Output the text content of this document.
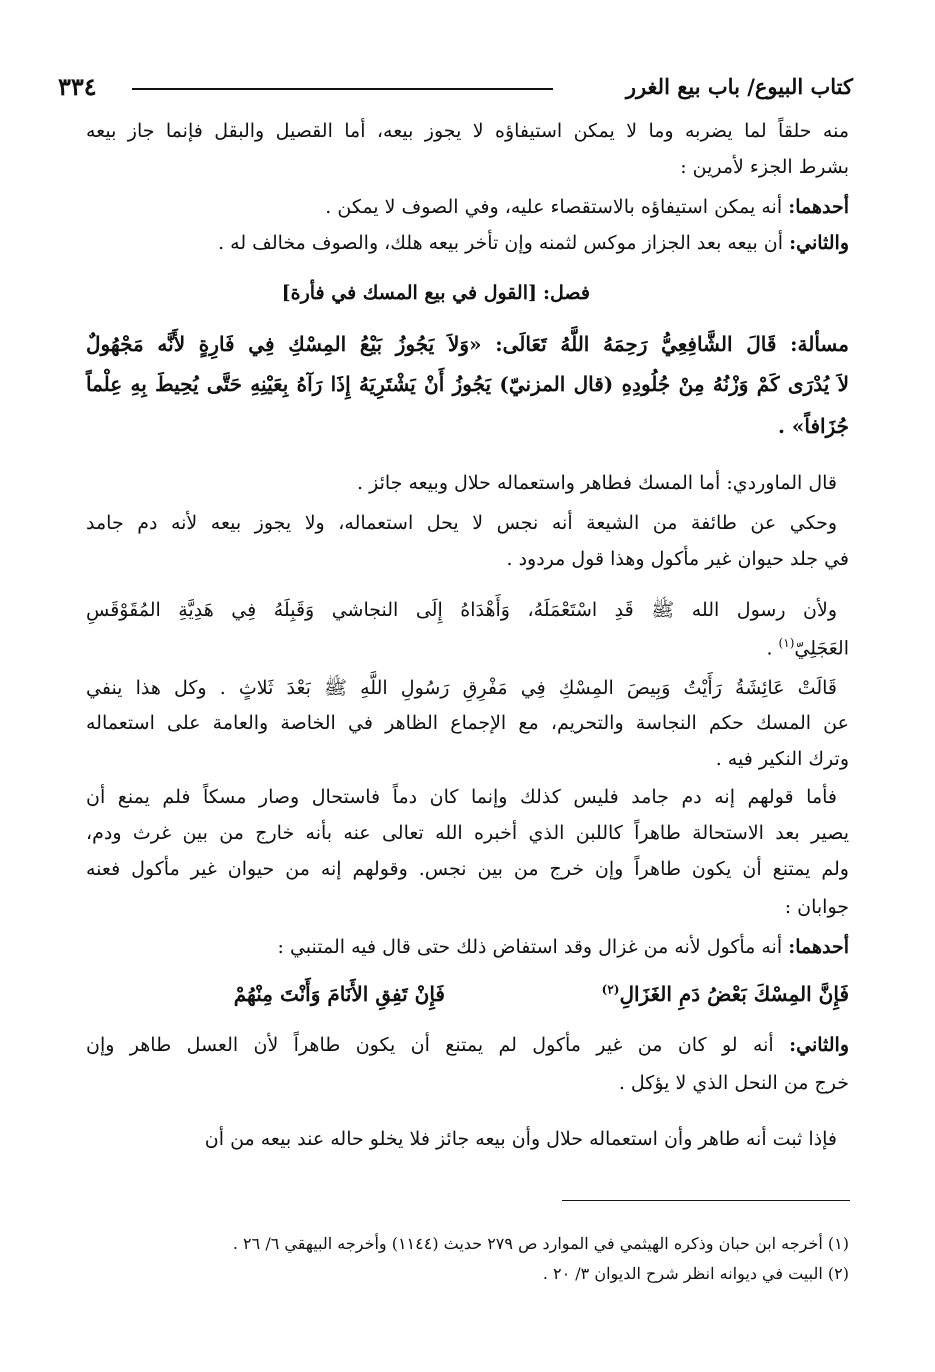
٣٣٤	كتاب البيوع/ باب بيع الغرر
منه حلقاً لما يضربه وما لا يمكن استيفاؤه لا يجوز بيعه، أما القصيل والبقل فإنما جاز بيعه
بشرط الجزء لأمرين :
أحدهما: أنه يمكن استيفاؤه بالاستقصاء عليه، وفي الصوف لا يمكن .
والثاني: أن بيعه بعد الجزاز موكس لثمنه وإن تأخر بيعه هلك، والصوف مخالف له .
فصل: [القول في بيع المسك في فأرة]
مسألة: قَالَ الشَّافِعِيُّ رَحِمَهُ اللَّهُ تَعَالَى: «وَلاَ يَجُوزُ بَيْعُ المِسْكِ فِي فَارِةٍ لأَنَّه مَجْهُولٌ
لاَ يُدْرَى كَمْ وَزْنُهُ مِنْ جُلُودِهِ (قال المزنيّ) يَجُوزُ أَنْ يَشْتَرِيَهُ إِذَا رَآهُ بِعَيْنِهِ حَتَّى يُحِيطَ بِهِ عِلْماً
جُزَافاً» .
قال الماوردي: أما المسك فطاهر واستعماله حلال وبيعه جائز .
وحكي عن طائفة من الشيعة أنه نجس لا يحل استعماله، ولا يجوز بيعه لأنه دم جامد
في جلد حيوان غير مأكول وهذا قول مردود .
ولأن رسول الله ﷺ قَدِ اسْتَعْمَلَهُ، وَأَهْدَاهُ إِلَى النجاشي وَقَبِلَهُ فِي هَدِيَّةِ المُقَوْقَسِ
العَجَلِيّ$^{(١)}$ .
قَالَتْ عَائِشَةُ رَأَيْتُ وَبِيصَ المِسْكِ فِي مَفْرِقِ رَسُولِ اللَّهِ ﷺ بَعْدَ ثَلاثٍ . وكل هذا ينفي
عن المسك حكم النجاسة والتحريم، مع الإجماع الظاهر في الخاصة والعامة على استعماله
وترك النكير فيه .
فأما قولهم إنه دم جامد فليس كذلك وإنما كان دماً فاستحال وصار مسكاً فلم يمنع أن
يصير بعد الاستحالة طاهراً كاللبن الذي أخبره الله تعالى عنه بأنه خارج من بين غرث ودم،
ولم يمتنع أن يكون طاهراً وإن خرج من بين نجس. وقولهم إنه من حيوان غير مأكول فعنه
جوابان :
أحدهما: أنه مأكول لأنه من غزال وقد استفاض ذلك حتى قال فيه المتنبي :
فَإِنْ تَفِقِ الأَنَامَ وَأَنْتَ مِنْهُمْ	فَإِنَّ المِسْكَ بَعْضُ دَمِ الغَزَالِ$^{(٢)}$
والثاني: أنه لو كان من غير مأكول لم يمتنع أن يكون طاهراً لأن العسل طاهر وإن
خرج من النحل الذي لا يؤكل .
فإذا ثبت أنه طاهر وأن استعماله حلال وأن بيعه جائز فلا يخلو حاله عند بيعه من أن
(١) أخرجه ابن حبان وذكره الهيثمي في الموارد ص ٢٧٩ حديث (١١٤٤) وأخرجه البيهقي ٦/ ٢٦ .
(٢) البيت في ديوانه انظر شرح الديوان ٣/ ٢٠ .
